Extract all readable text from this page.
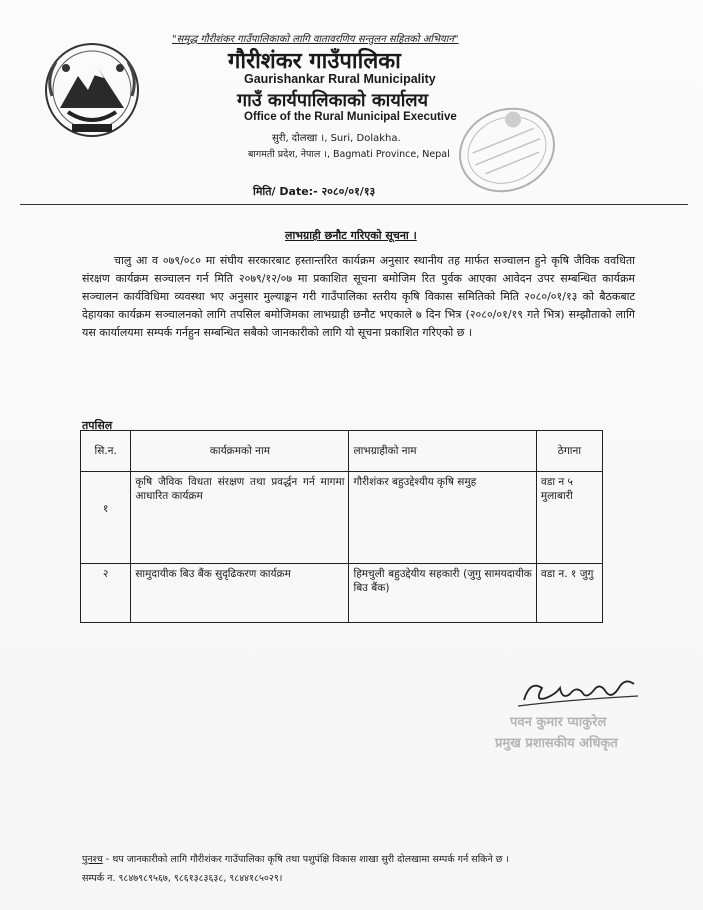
"समृद्ध गौरीशंकर गाउँपालिकाको लागि वातावरणिय सन्तुलन सहितको अभियान"
गौरीशंकर गाउँपालिका
Gaurishankar Rural Municipality
गाउँ कार्यपालिकाको कार्यालय
Office of the Rural Municipal Executive
सुरी, दोलखा ।, Suri, Dolakha.
बागमती प्रदेश, नेपाल ।, Bagmati Province, Nepal
मिति/ Date:- २०८०/०१/१३
लाभग्राही छनौट गरिएको सूचना ।
चालु आ व ०७९/०८० मा संघीय सरकारबाट हस्तान्तरित कार्यक्रम अनुसार स्थानीय तह मार्फत सञ्चालन हुने कृषि जैविक ववधिता संरक्षण कार्यक्रम सञ्चालन गर्न मिति २०७९/१२/०७ मा प्रकाशित सूचना बमोजिम रित पुर्वक आएका आवेदन उपर सम्बन्धित कार्यक्रम सञ्चालन कार्यविधिमा व्यवस्था भए अनुसार मुल्याङ्कन गरी गाउँपालिका स्तरीय कृषि विकास समितिको मिति २०८०/०१/१३ को बैठकबाट देहायका कार्यक्रम सञ्चालनको लागि तपसिल बमोजिमका लाभग्राही छनौट भएकाले ७ दिन भित्र (२०८०/०१/१९ गते भित्र) सम्झौताको लागि यस कार्यालयमा सम्पर्क गर्नहुन सम्बन्धित सबैको जानकारीको लागि यो सूचना प्रकाशित गरिएको छ ।
तपसिल
सि.न.	कार्यक्रमको नाम	लाभग्राहीको नाम	ठेगाना
१	कृषि जैविक विधता संरक्षण तथा प्रवर्द्धन गर्न मागमा आधारित कार्यक्रम	गौरीशंकर बहुउद्देश्यीय कृषि समुह	वडा न ५ मुलाबारी
२	सामुदायीक बिउ बैंक सुदृढिकरण कार्यक्रम	हिमचुली बहुउद्देयीय सहकारी (जुगु सामयदायीक बिउ बैंक)	वडा न. १ जुगु
पवन कुमार प्याकुरेल
प्रमुख प्रशासकीय अधिकृत
पुनश्च - थप जानकारीको लागि गौरीशंकर गाउँपालिका कृषि तथा पशुपंक्षि विकास शाखा सुरी दोलखामा सम्पर्क गर्न सकिने छ ।
सम्पर्क न. ९८४७९८९५६७, ९८६१३८३६३८, ९८४४१८५०२९।
